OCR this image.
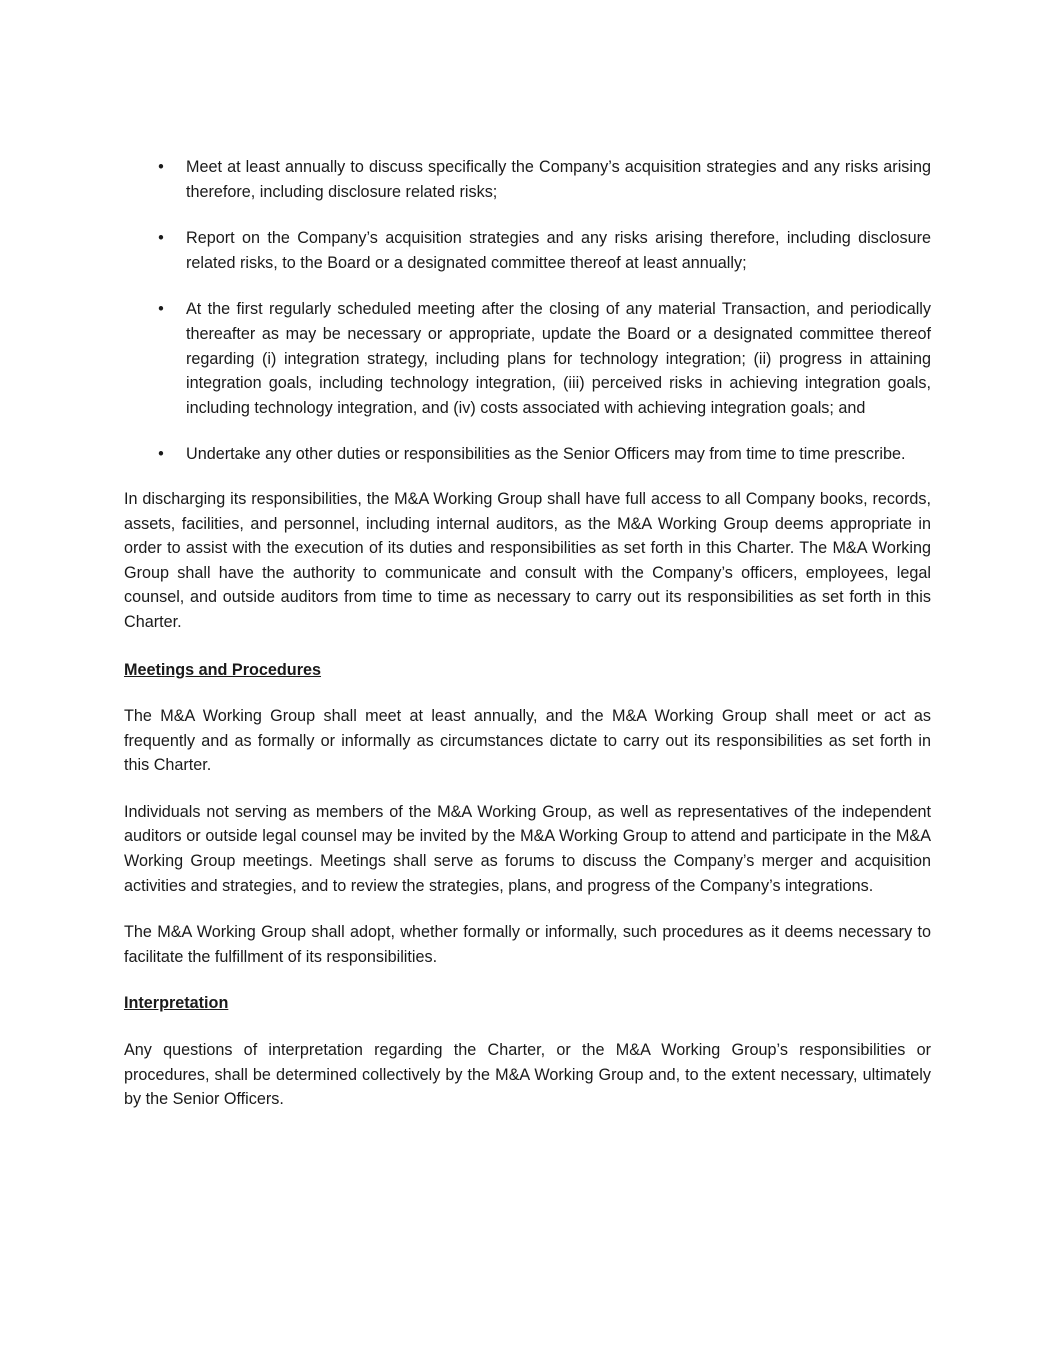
• Meet at least annually to discuss specifically the Company’s acquisition strategies and any risks arising therefore, including disclosure related risks;
• Report on the Company’s acquisition strategies and any risks arising therefore, including disclosure related risks, to the Board or a designated committee thereof at least annually;
• At the first regularly scheduled meeting after the closing of any material Transaction, and periodically thereafter as may be necessary or appropriate, update the Board or a designated committee thereof regarding (i) integration strategy, including plans for technology integration; (ii) progress in attaining integration goals, including technology integration, (iii) perceived risks in achieving integration goals, including technology integration, and (iv) costs associated with achieving integration goals; and
• Undertake any other duties or responsibilities as the Senior Officers may from time to time prescribe.

In discharging its responsibilities, the M&A Working Group shall have full access to all Company books, records, assets, facilities, and personnel, including internal auditors, as the M&A Working Group deems appropriate in order to assist with the execution of its duties and responsibilities as set forth in this Charter. The M&A Working Group shall have the authority to communicate and consult with the Company’s officers, employees, legal counsel, and outside auditors from time to time as necessary to carry out its responsibilities as set forth in this Charter.

Meetings and Procedures

The M&A Working Group shall meet at least annually, and the M&A Working Group shall meet or act as frequently and as formally or informally as circumstances dictate to carry out its responsibilities as set forth in this Charter.

Individuals not serving as members of the M&A Working Group, as well as representatives of the independent auditors or outside legal counsel may be invited by the M&A Working Group to attend and participate in the M&A Working Group meetings. Meetings shall serve as forums to discuss the Company’s merger and acquisition activities and strategies, and to review the strategies, plans, and progress of the Company’s integrations.

The M&A Working Group shall adopt, whether formally or informally, such procedures as it deems necessary to facilitate the fulfillment of its responsibilities.

Interpretation

Any questions of interpretation regarding the Charter, or the M&A Working Group’s responsibilities or procedures, shall be determined collectively by the M&A Working Group and, to the extent necessary, ultimately by the Senior Officers.
